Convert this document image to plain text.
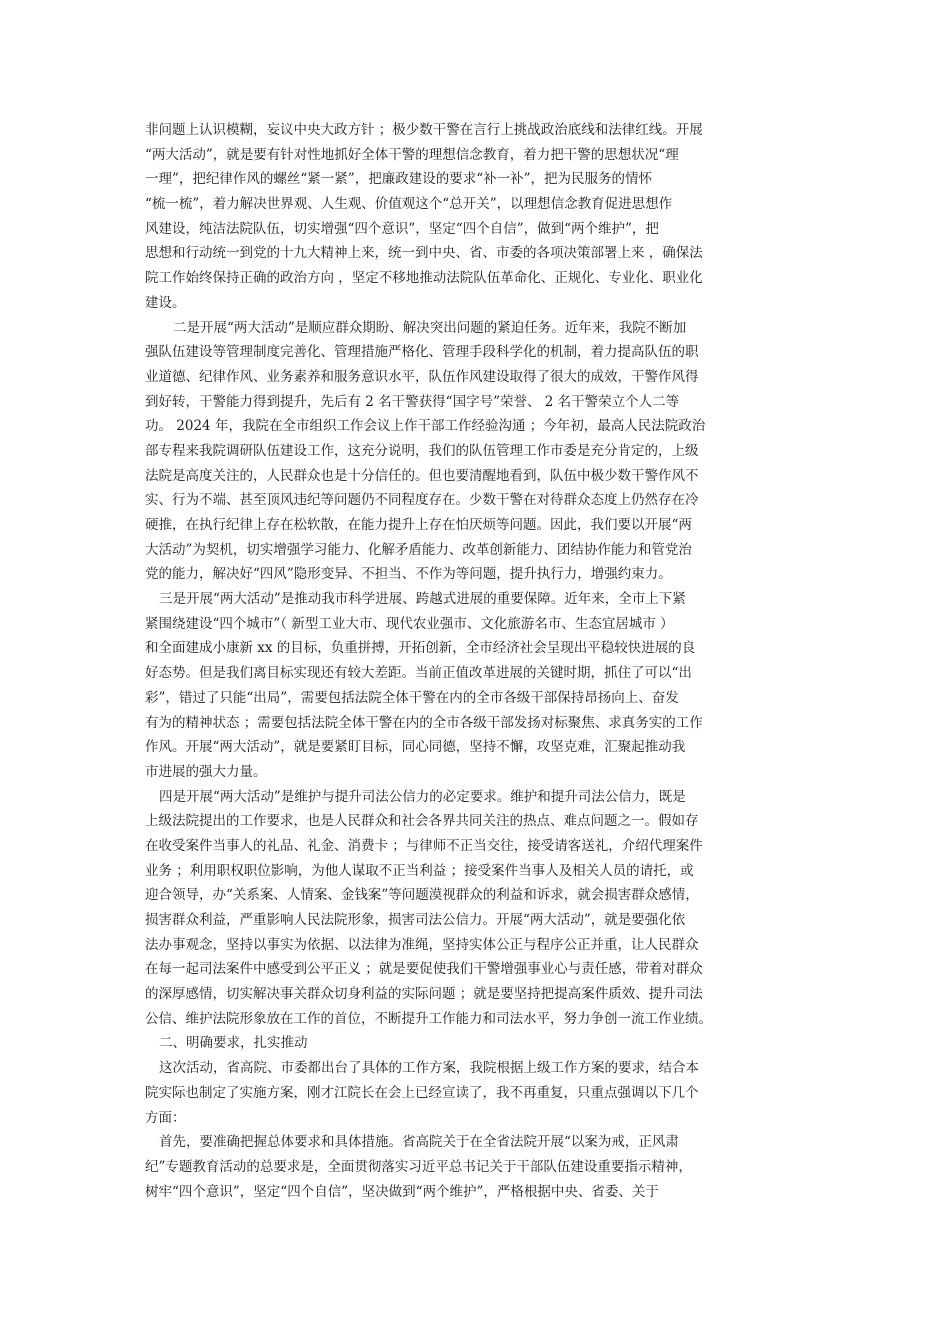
非问题上认识模糊，妄议中央大政方针 ；极少数干警在言行上挑战政治底线和法律红线。开展
“两大活动”，就是要有针对性地抓好全体干警的理想信念教育，着力把干警的思想状况“理
一理”，把纪律作风的螺丝“紧一紧”，把廉政建设的要求“补一补”，把为民服务的情怀
“梳一梳”，着力解决世界观、人生观、价值观这个“总开关”，以理想信念教育促进思想作
风建设，纯洁法院队伍，切实增强“四个意识”，坚定“四个自信”，做到“两个维护”，把
思想和行动统一到党的十九大精神上来，统一到中央、省、市委的各项决策部署上来 ，确保法
院工作始终保持正确的政治方向 ，坚定不移地推动法院队伍革命化、正规化、专业化、职业化
建设。

二是开展“两大活动”是顺应群众期盼、解决突出问题的紧迫任务。近年来，我院不断加
强队伍建设等管理制度完善化、管理措施严格化、管理手段科学化的机制，着力提高队伍的职
业道德、纪律作风、业务素养和服务意识水平，队伍作风建设取得了很大的成效，干警作风得
到好转，干警能力得到提升，先后有 2 名干警获得“国字号”荣誉、 2 名干警荣立个人二等
功。 2024 年，我院在全市组织工作会议上作干部工作经验沟通 ；今年初，最高人民法院政治
部专程来我院调研队伍建设工作，这充分说明，我们的队伍管理工作市委是充分肯定的，上级
法院是高度关注的，人民群众也是十分信任的。但也要清醒地看到，队伍中极少数干警作风不
实、行为不端、甚至顶风违纪等问题仍不同程度存在。少数干警在对待群众态度上仍然存在冷
硬推，在执行纪律上存在松软散，在能力提升上存在怕厌烦等问题。因此，我们要以开展“两
大活动”为契机，切实增强学习能力、化解矛盾能力、改革创新能力、团结协作能力和管党治
党的能力，解决好“四风”隐形变异、不担当、不作为等问题，提升执行力，增强约束力。

三是开展“两大活动”是推动我市科学进展、跨越式进展的重要保障。近年来，全市上下紧
紧围绕建设“四个城市”（ 新型工业大市、现代农业强市、文化旅游名市、生态宜居城市 ）
和全面建成小康新 xx 的目标，负重拼搏，开拓创新，全市经济社会呈现出平稳较快进展的良
好态势。但是我们离目标实现还有较大差距。当前正值改革进展的关键时期，抓住了可以“出
彩”，错过了只能“出局”，需要包括法院全体干警在内的全市各级干部保持昂扬向上、奋发
有为的精神状态 ；需要包括法院全体干警在内的全市各级干部发扬对标聚焦、求真务实的工作
作风。开展“两大活动”，就是要紧盯目标，同心同德，坚持不懈，攻坚克难，汇聚起推动我
市进展的强大力量。

四是开展“两大活动”是维护与提升司法公信力的必定要求。维护和提升司法公信力，既是
上级法院提出的工作要求，也是人民群众和社会各界共同关注的热点、难点问题之一。假如存
在收受案件当事人的礼品、礼金、消费卡 ；与律师不正当交往，接受请客送礼，介绍代理案件
业务 ；利用职权职位影响，为他人谋取不正当利益 ；接受案件当事人及相关人员的请托，或
迎合领导，办“关系案、人情案、金钱案”等问题漠视群众的利益和诉求，就会损害群众感情，
损害群众利益，严重影响人民法院形象，损害司法公信力。开展“两大活动”，就是要强化依
法办事观念，坚持以事实为依据、以法律为准绳，坚持实体公正与程序公正并重，让人民群众
在每一起司法案件中感受到公平正义 ；就是要促使我们干警增强事业心与责任感，带着对群众
的深厚感情，切实解决事关群众切身利益的实际问题 ；就是要坚持把提高案件质效、提升司法
公信、维护法院形象放在工作的首位，不断提升工作能力和司法水平，努力争创一流工作业绩。

二、明确要求，扎实推动

这次活动，省高院、市委都出台了具体的工作方案，我院根据上级工作方案的要求，结合本
院实际也制定了实施方案，刚才江院长在会上已经宣读了，我不再重复，只重点强调以下几个
方面：

首先，要准确把握总体要求和具体措施。省高院关于在全省法院开展“以案为戒，正风肃
纪”专题教育活动的总要求是，全面贯彻落实习近平总书记关于干部队伍建设重要指示精神，
树牢“四个意识”，坚定“四个自信”，坚决做到“两个维护”，严格根据中央、省委、关于
